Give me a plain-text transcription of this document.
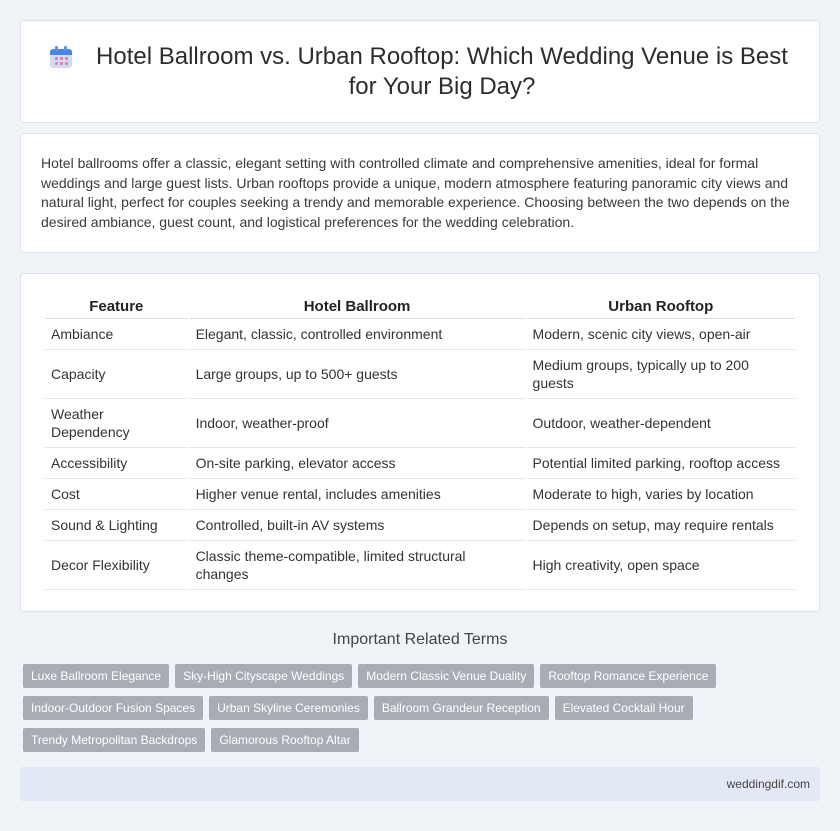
Hotel Ballroom vs. Urban Rooftop: Which Wedding Venue is Best for Your Big Day?

Hotel ballrooms offer a classic, elegant setting with controlled climate and comprehensive amenities, ideal for formal weddings and large guest lists. Urban rooftops provide a unique, modern atmosphere featuring panoramic city views and natural light, perfect for couples seeking a trendy and memorable experience. Choosing between the two depends on the desired ambiance, guest count, and logistical preferences for the wedding celebration.

Feature	Hotel Ballroom	Urban Rooftop
Ambiance	Elegant, classic, controlled environment	Modern, scenic city views, open-air
Capacity	Large groups, up to 500+ guests	Medium groups, typically up to 200 guests
Weather Dependency	Indoor, weather-proof	Outdoor, weather-dependent
Accessibility	On-site parking, elevator access	Potential limited parking, rooftop access
Cost	Higher venue rental, includes amenities	Moderate to high, varies by location
Sound & Lighting	Controlled, built-in AV systems	Depends on setup, may require rentals
Decor Flexibility	Classic theme-compatible, limited structural changes	High creativity, open space
Important Related Terms
Luxe Ballroom Elegance	Sky-High Cityscape Weddings	Modern Classic Venue Duality	Rooftop Romance Experience
Indoor-Outdoor Fusion Spaces	Urban Skyline Ceremonies	Ballroom Grandeur Reception	Elevated Cocktail Hour
Trendy Metropolitan Backdrops	Glamorous Rooftop Altar
weddingdif.com
